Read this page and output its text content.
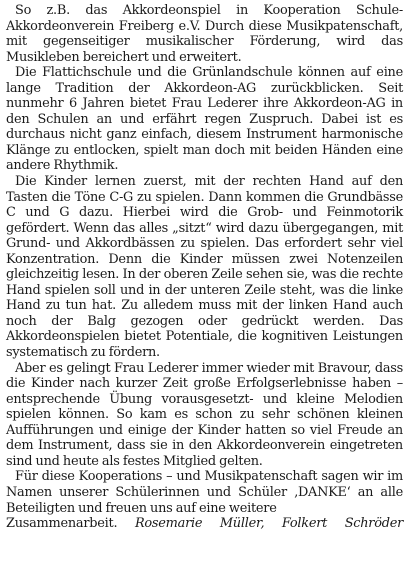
So z.B. das Akkordeonspiel in Kooperation Schule-Akkordeonverein Freiberg e.V. Durch diese Musikpatenschaft, mit gegenseitiger musikalischer Förderung, wird das Musikleben bereichert und erweitert.

Die Flattichschule und die Grünlandschule können auf eine lange Tradition der Akkordeon-AG zurückblicken. Seit nunmehr 6 Jahren bietet Frau Lederer ihre Akkordeon-AG in den Schulen an und erfährt regen Zuspruch. Dabei ist es durchaus nicht ganz einfach, diesem Instrument harmonische Klänge zu entlocken, spielt man doch mit beiden Händen eine andere Rhythmik.

Die Kinder lernen zuerst, mit der rechten Hand auf den Tasten die Töne C-G zu spielen. Dann kommen die Grundbässe C und G dazu. Hierbei wird die Grob- und Feinmotorik gefördert. Wenn das alles „sitzt“ wird dazu übergegangen, mit Grund- und Akkordbässen zu spielen. Das erfordert sehr viel Konzentration. Denn die Kinder müssen zwei Notenzeilen gleichzeitig lesen. In der oberen Zeile sehen sie, was die rechte Hand spielen soll und in der unteren Zeile steht, was die linke Hand zu tun hat. Zu alledem muss mit der linken Hand auch noch der Balg gezogen oder gedrückt werden. Das Akkordeonspielen bietet Potentiale, die kognitiven Leistungen systematisch zu fördern.

Aber es gelingt Frau Lederer immer wieder mit Bravour, dass die Kinder nach kurzer Zeit große Erfolgserlebnisse haben – entsprechende Übung vorausgesetzt- und kleine Melodien spielen können. So kam es schon zu sehr schönen kleinen Aufführungen und einige der Kinder hatten so viel Freude an dem Instrument, dass sie in den Akkordeonverein eingetreten sind und heute als festes Mitglied gelten.

Für diese Kooperations – und Musikpatenschaft sagen wir im Namen unserer Schülerinnen und Schüler ‚DANKE‘ an alle Beteiligten und freuen uns auf eine weitere

Zusammenarbeit. Rosemarie Müller, Folkert Schröder
